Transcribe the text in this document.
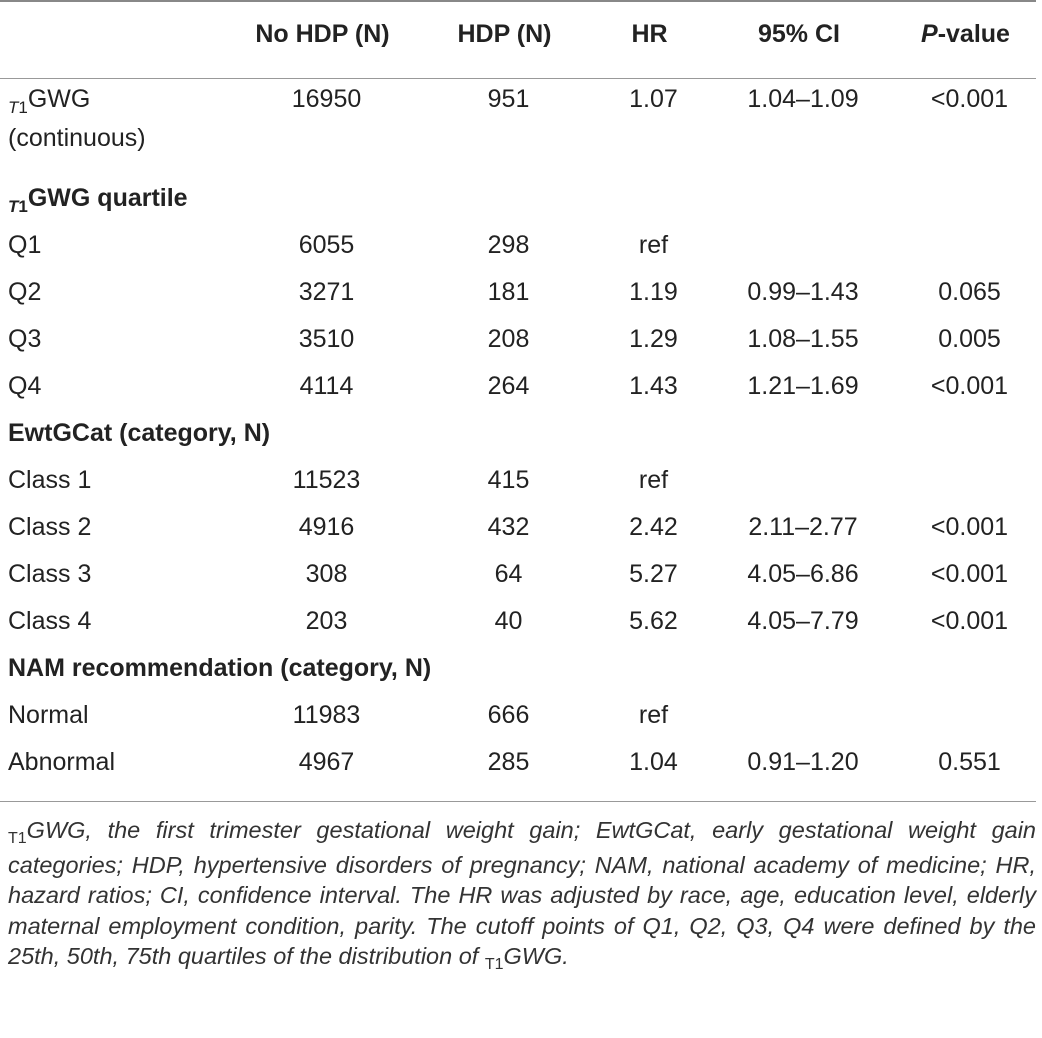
	No HDP (N)	HDP (N)	HR	95% CI	P-value
$_{T1}$GWG
(continuous)	16950	951	1.07	1.04–1.09	<0.001
$_{T1}$GWG quartile					
Q1	6055	298	ref		
Q2	3271	181	1.19	0.99–1.43	0.065
Q3	3510	208	1.29	1.08–1.55	0.005
Q4	4114	264	1.43	1.21–1.69	<0.001
EwtGCat (category, N)					
Class 1	11523	415	ref		
Class 2	4916	432	2.42	2.11–2.77	<0.001
Class 3	308	64	5.27	4.05–6.86	<0.001
Class 4	203	40	5.62	4.05–7.79	<0.001
NAM recommendation (category, N)					
Normal	11983	666	ref		
Abnormal	4967	285	1.04	0.91–1.20	0.551
$_{T1}$GWG, the first trimester gestational weight gain; EwtGCat, early gestational weight gain categories; HDP, hypertensive disorders of pregnancy; NAM, national academy of medicine; HR, hazard ratios; CI, confidence interval. The HR was adjusted by race, age, education level, elderly maternal employment condition, parity. The cutoff points of Q1, Q2, Q3, Q4 were defined by the 25th, 50th, 75th quartiles of the distribution of $_{T1}$GWG.
